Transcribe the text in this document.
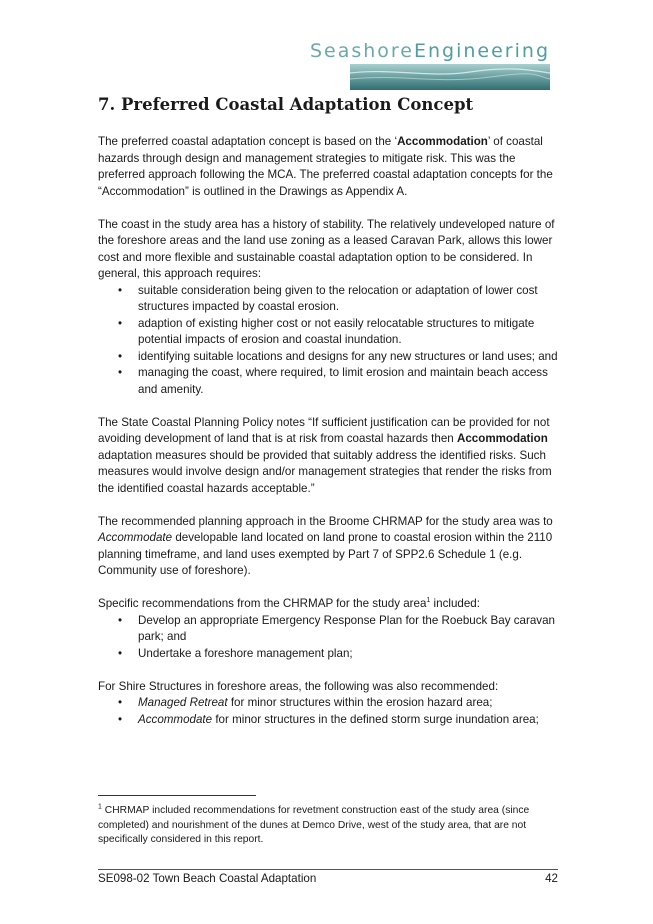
SeashoreEngineering
7. Preferred Coastal Adaptation Concept

The preferred coastal adaptation concept is based on the ‘Accommodation’ of coastal hazards through design and management strategies to mitigate risk. This was the preferred approach following the MCA. The preferred coastal adaptation concepts for the “Accommodation” is outlined in the Drawings as Appendix A.

The coast in the study area has a history of stability. The relatively undeveloped nature of the foreshore areas and the land use zoning as a leased Caravan Park, allows this lower cost and more flexible and sustainable coastal adaptation option to be considered. In general, this approach requires:

• suitable consideration being given to the relocation or adaptation of lower cost structures impacted by coastal erosion.
• adaption of existing higher cost or not easily relocatable structures to mitigate potential impacts of erosion and coastal inundation.
• identifying suitable locations and designs for any new structures or land uses; and
• managing the coast, where required, to limit erosion and maintain beach access and amenity.

The State Coastal Planning Policy notes “If sufficient justification can be provided for not avoiding development of land that is at risk from coastal hazards then Accommodation adaptation measures should be provided that suitably address the identified risks. Such measures would involve design and/or management strategies that render the risks from the identified coastal hazards acceptable.”

The recommended planning approach in the Broome CHRMAP for the study area was to Accommodate developable land located on land prone to coastal erosion within the 2110 planning timeframe, and land uses exempted by Part 7 of SPP2.6 Schedule 1 (e.g. Community use of foreshore).

Specific recommendations from the CHRMAP for the study area$^1$ included:

• Develop an appropriate Emergency Response Plan for the Roebuck Bay caravan park; and
• Undertake a foreshore management plan;

For Shire Structures in foreshore areas, the following was also recommended:

• Managed Retreat for minor structures within the erosion hazard area;
• Accommodate for minor structures in the defined storm surge inundation area;
$^1$ CHRMAP included recommendations for revetment construction east of the study area (since completed) and nourishment of the dunes at Demco Drive, west of the study area, that are not specifically considered in this report.
SE098-02 Town Beach Coastal Adaptation	42
